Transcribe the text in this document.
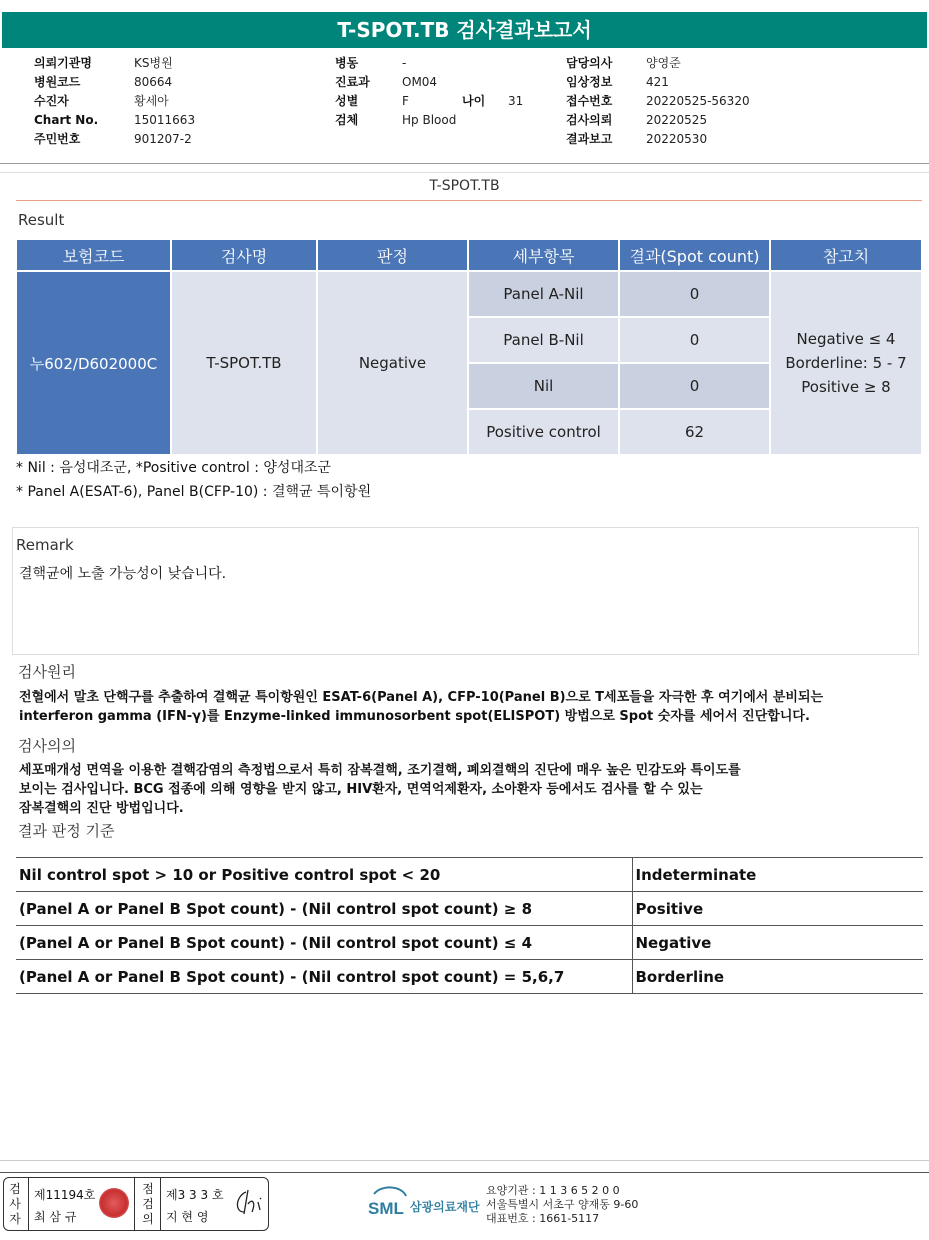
T-SPOT.TB 검사결과보고서
의뢰기관명	KS병원
병원코드	80664
수진자	황세아
Chart No.	15011663
주민번호	901207-2
병동	-
진료과	OM04
성별	F	나이	31
검체	Hp Blood
담당의사	양영준
임상정보	421
접수번호	20220525-56320
검사의뢰	20220525
결과보고	20220530
T-SPOT.TB
Result
보험코드	검사명	판정	세부항목	결과(Spot count)	참고치
누602/D602000C	T-SPOT.TB	Negative	Panel A-Nil	0	Negative ≤ 4
Borderline: 5 - 7
Positive ≥ 8

			Panel B-Nil	0	
			Nil	0	
			Positive control	62	
* Nil : 음성대조군, *Positive control : 양성대조군
* Panel A(ESAT-6), Panel B(CFP-10) : 결핵균 특이항원
Remark
결핵균에 노출 가능성이 낮습니다.
검사원리
전혈에서 말초 단핵구를 추출하여 결핵균 특이항원인 ESAT-6(Panel A), CFP-10(Panel B)으로 T세포들을 자극한 후 여기에서 분비되는
interferon gamma (IFN-γ)를 Enzyme-linked immunosorbent spot(ELISPOT) 방법으로 Spot 숫자를 세어서 진단합니다.
검사의의
세포매개성 면역을 이용한 결핵감염의 측정법으로서 특히 잠복결핵, 조기결핵, 폐외결핵의 진단에 매우 높은 민감도와 특이도를
보이는 검사입니다. BCG 접종에 의해 영향을 받지 않고, HIV환자, 면역억제환자, 소아환자 등에서도 검사를 할 수 있는
잠복결핵의 진단 방법입니다.
결과 판정 기준
Nil control spot > 10 or Positive control spot < 20	Indeterminate
(Panel A or Panel B Spot count) - (Nil control spot count) ≥ 8	Positive
(Panel A or Panel B Spot count) - (Nil control spot count) ≤ 4	Negative
(Panel A or Panel B Spot count) - (Nil control spot count) = 5,6,7	Borderline
검사자
제11194호
최 삼 규
점검의
제3 3 3 호
지 현 영	SML 삼광의료재단
요양기관 : 1 1 3 6 5 2 0 0
서울특별시 서초구 양재동 9-60
대표번호 : 1661-5117
